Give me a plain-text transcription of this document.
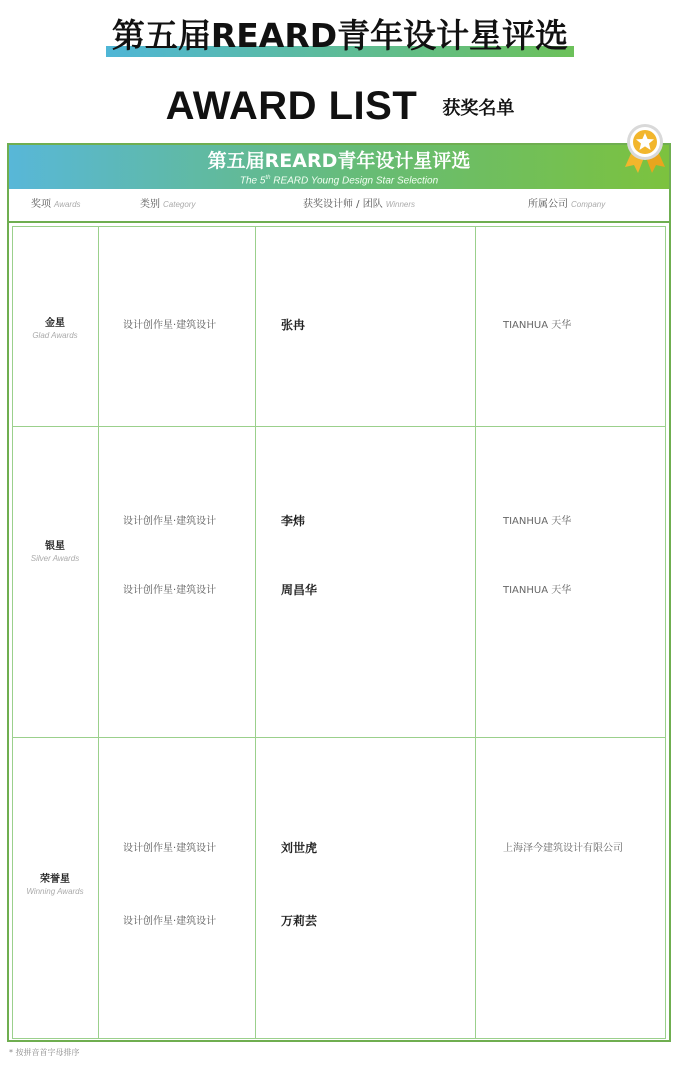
第五届REARD青年设计星评选
AWARD LIST 获奖名单
第五届REARD青年设计星评选
The 5th REARD Young Design Star Selection
奖项 Awards	类别 Category	获奖设计师 / 团队 Winners	所属公司 Company
金星
Glad Awards
设计创作星·建筑设计	张冉	TIANHUA 天华
银星
Silver Awards
设计创作星·建筑设计	李炜	TIANHUA 天华
设计创作星·建筑设计	周昌华	TIANHUA 天华
荣誉星
Winning Awards
设计创作星·建筑设计	刘世虎	上海泽今建筑设计有限公司
设计创作星·建筑设计	万莉芸
* 按拼音首字母排序
